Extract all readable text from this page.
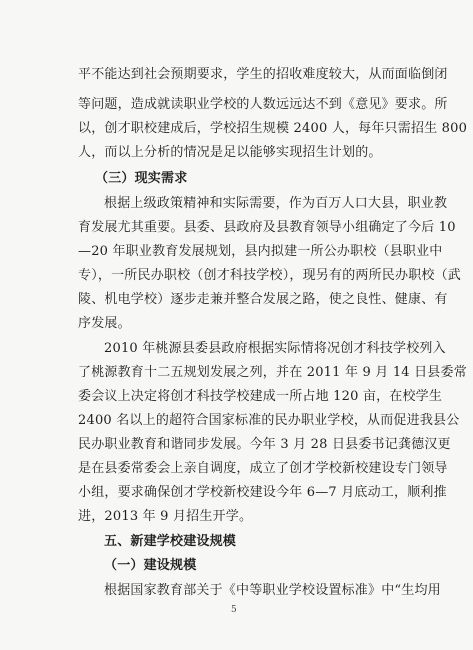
平不能达到社会预期要求，学生的招收难度较大，从而面临倒闭
等问题，造成就读职业学校的人数远远达不到《意见》要求。所
以，创才职校建成后，学校招生规模 2400 人，每年只需招生 800
人，而以上分析的情况是足以能够实现招生计划的。
（三）现实需求
根据上级政策精神和实际需要，作为百万人口大县，职业教
育发展尤其重要。县委、县政府及县教育领导小组确定了今后 10
—20 年职业教育发展规划，县内拟建一所公办职校（县职业中
专），一所民办职校（创才科技学校），现另有的两所民办职校（武
陵、机电学校）逐步走兼并整合发展之路，使之良性、健康、有
序发展。
2010 年桃源县委县政府根据实际情将况创才科技学校列入
了桃源教育十二五规划发展之列，并在 2011 年 9 月 14 日县委常
委会议上决定将创才科技学校建成一所占地 120 亩，在校学生
2400 名以上的超符合国家标准的民办职业学校，从而促进我县公
民办职业教育和谐同步发展。今年 3 月 28 日县委书记龚德汉更
是在县委常委会上亲自调度，成立了创才学校新校建设专门领导
小组，要求确保创才学校新校建设今年 6—7 月底动工，顺利推
进，2013 年 9 月招生开学。
五、新建学校建设规模
（一）建设规模
根据国家教育部关于《中等职业学校设置标准》中“生均用
5
